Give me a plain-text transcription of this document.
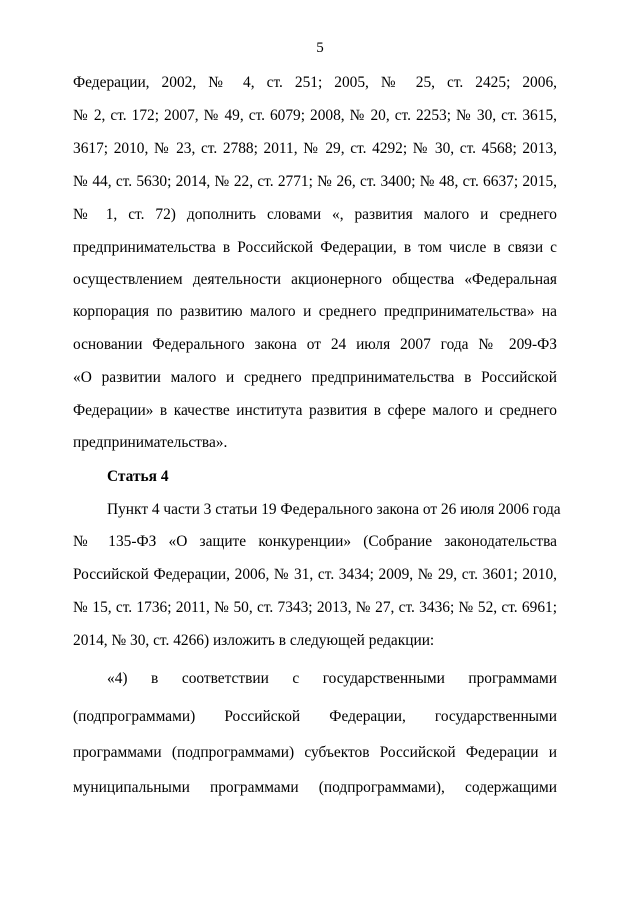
5
Федерации, 2002, № 4, ст. 251; 2005, № 25, ст. 2425; 2006,
№ 2, ст. 172; 2007, № 49, ст. 6079; 2008, № 20, ст. 2253; № 30, ст. 3615,
3617; 2010, № 23, ст. 2788; 2011, № 29, ст. 4292; № 30, ст. 4568; 2013,
№ 44, ст. 5630; 2014, № 22, ст. 2771; № 26, ст. 3400; № 48, ст. 6637; 2015,
№ 1, ст. 72) дополнить словами «, развития малого и среднего
предпринимательства в Российской Федерации, в том числе в связи с
осуществлением деятельности акционерного общества «Федеральная
корпорация по развитию малого и среднего предпринимательства» на
основании Федерального закона от 24 июля 2007 года № 209-ФЗ
«О развитии малого и среднего предпринимательства в Российской
Федерации» в качестве института развития в сфере малого и среднего
предпринимательства».
Статья 4
Пункт 4 части 3 статьи 19 Федерального закона от 26 июля 2006 года
№ 135-ФЗ «О защите конкуренции» (Собрание законодательства
Российской Федерации, 2006, № 31, ст. 3434; 2009, № 29, ст. 3601; 2010,
№ 15, ст. 1736; 2011, № 50, ст. 7343; 2013, № 27, ст. 3436; № 52, ст. 6961;
2014, № 30, ст. 4266) изложить в следующей редакции:
«4) в соответствии с государственными программами
(подпрограммами) Российской Федерации, государственными
программами (подпрограммами) субъектов Российской Федерации и
муниципальными программами (подпрограммами), содержащими
